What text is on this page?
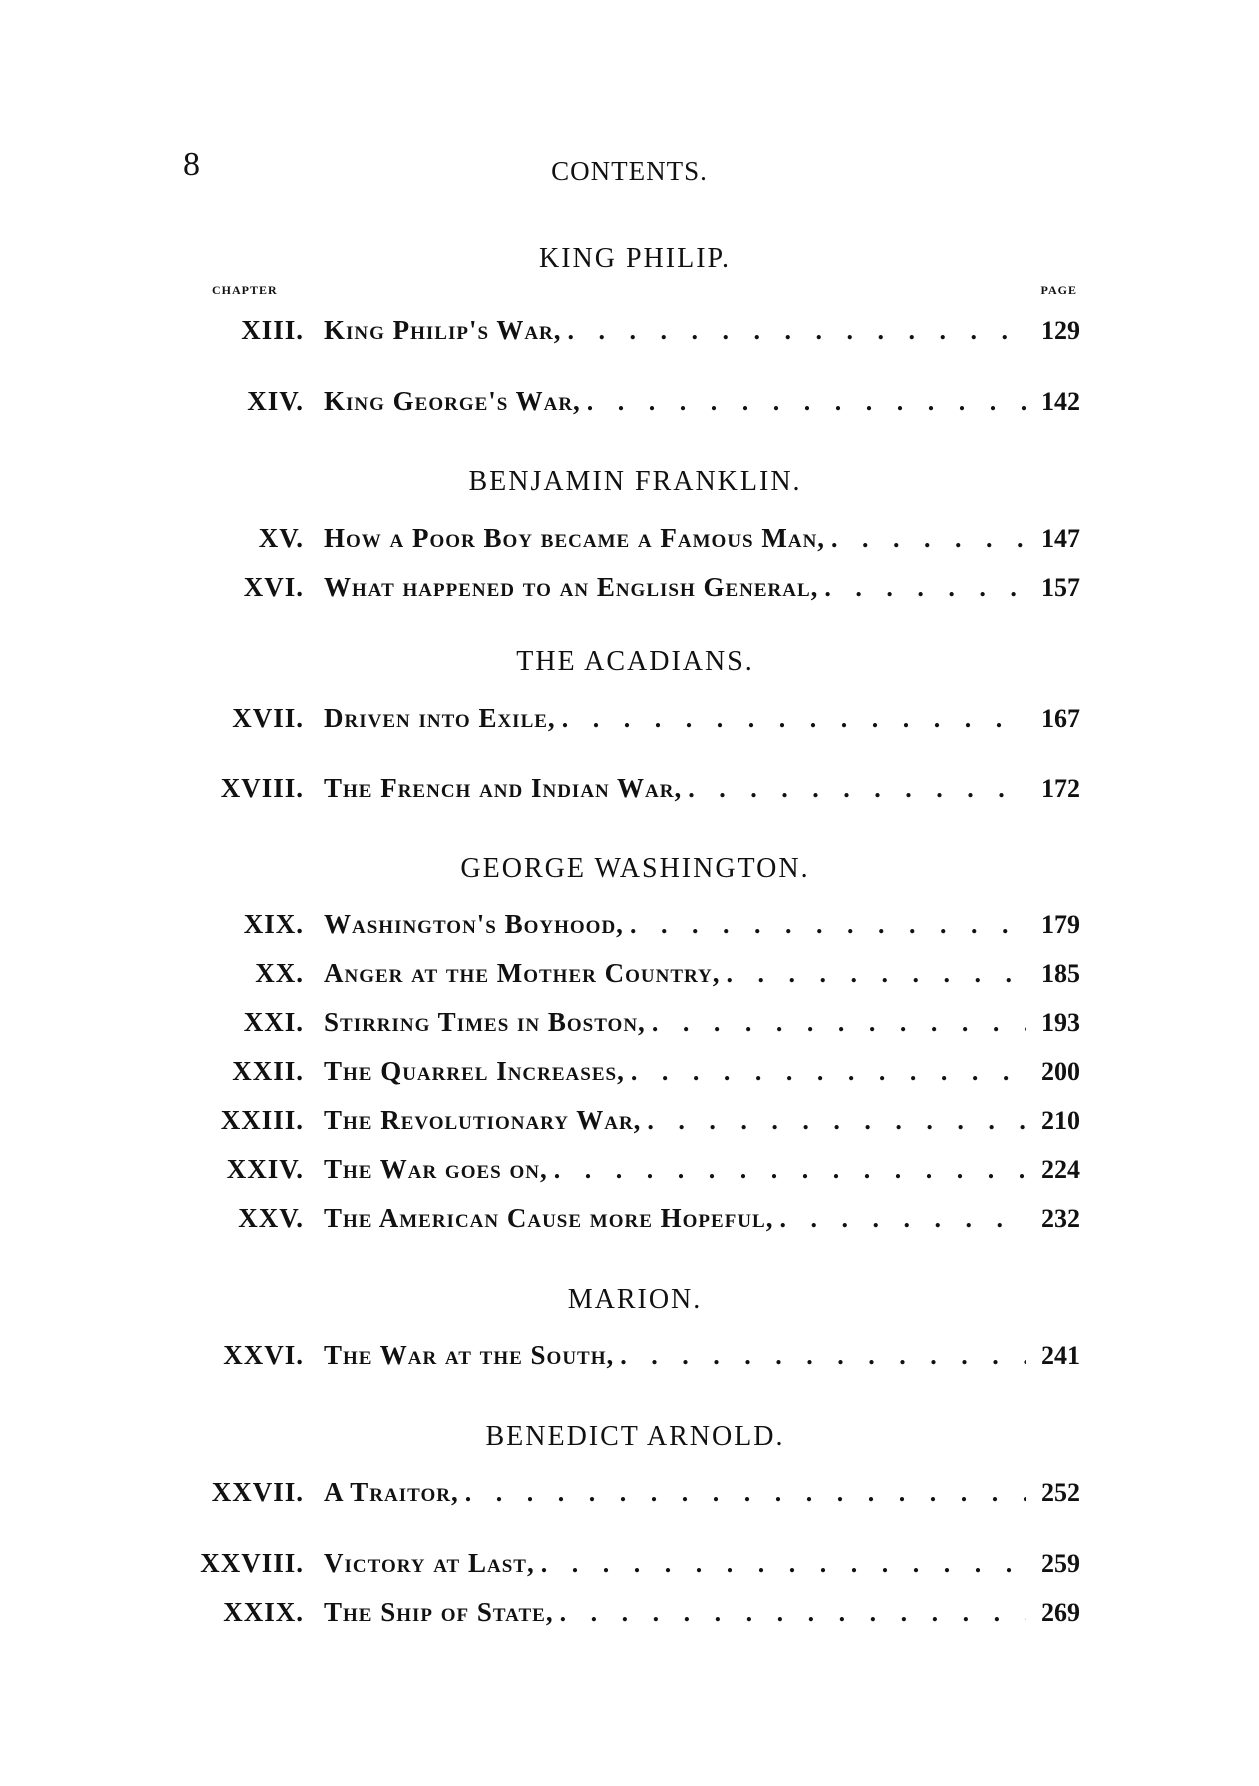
8	CONTENTS.
CHAPTER	PAGE
KING PHILIP.
XIII. King Philip's War, . . .	129
XIV. King George's War, . . .	142
BENJAMIN FRANKLIN.
XV. How a Poor Boy became a Famous Man, . . .	147
XVI. What happened to an English General, . . .	157
THE ACADIANS.
XVII. Driven into Exile, . . .	167
XVIII. The French and Indian War, . . .	172
GEORGE WASHINGTON.
XIX. Washington's Boyhood, . . .	179
XX. Anger at the Mother Country, . . .	185
XXI. Stirring Times in Boston, . . .	193
XXII. The Quarrel Increases, . . .	200
XXIII. The Revolutionary War, . . .	210
XXIV. The War goes on, . . .	224
XXV. The American Cause more Hopeful, . . .	232
MARION.
XXVI. The War at the South, . . .	241
BENEDICT ARNOLD.
XXVII. A Traitor, . . .	252
XXVIII. Victory at Last, . . .	259
XXIX. The Ship of State, . . .	269
